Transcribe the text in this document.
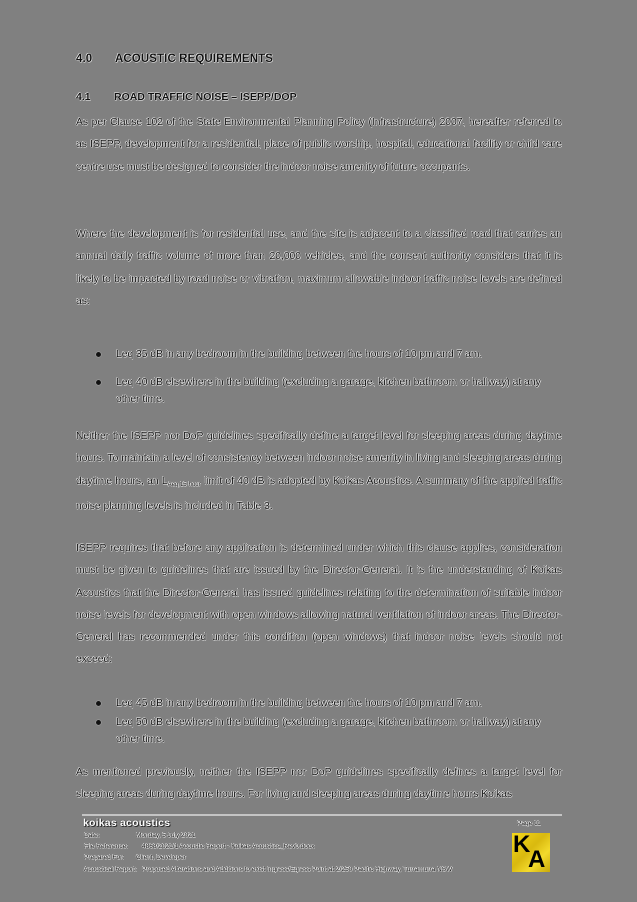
4.0 ACOUSTIC REQUIREMENTS
4.1 ROAD TRAFFIC NOISE – ISEPP/DOP

As per Clause 102 of the State Environmental Planning Policy (Infrastructure) 2007, hereafter referred to as ISEPP, development for a residential, place of public worship, hospital, educational facility or child care centre use must be designed to consider the indoor noise amenity of future occupants.

Where the development is for residential use, and the site is adjacent to a classified road that carries an annual daily traffic volume of more than 20,000 vehicles, and the consent authority considers that it is likely to be impacted by road noise or vibration, maximum allowable indoor traffic noise levels are defined as:

Leq 35 dB in any bedroom in the building between the hours of 10 pm and 7 am.
Leq 40 dB elsewhere in the building (excluding a garage, kitchen bathroom or hallway) at any other time.

Neither the ISEPP nor DoP guidelines specifically define a target level for sleeping areas during daytime hours. To maintain a level of consistency between indoor noise amenity in living and sleeping areas during daytime hours, an $L_{Aeq,15 hour}$ limit of 40 dB is adopted by Koikas Acoustics. A summary of the applied traffic noise planning levels is included in Table 3.

ISEPP requires that before any application is determined under which this clause applies, consideration must be given to guidelines that are issued by the Director-General. It is the understanding of Koikas Acoustics that the Director-General has issued guidelines relating to the determination of suitable indoor noise levels for development with open windows allowing natural ventilation of indoor areas. The Director-General has recommended under this condition (open windows) that indoor noise levels should not exceed:

Leq 45 dB in any bedroom in the building between the hours of 10 pm and 7 am.
Leq 50 dB elsewhere in the building (excluding a garage, kitchen bathroom or hallway) at any other time.

As mentioned previously, neither the ISEPP nor DoP guidelines specifically defines a target level for sleeping areas during daytime hours. For living and sleeping areas during daytime hours Koikas

koikas acoustics
Date:	Monday, 5 July 2021
File Reference: 4868/2021/1 Acoustic Report - Koikas Acoustics_Rev0.docx
Prepared For: Client, Developer
Acoustical Report: Proposed Alterations and Additions to exist Ingress/Egress Point at 2/250 Pacific Highway, Turramurra NSW
Page 11
K
A
